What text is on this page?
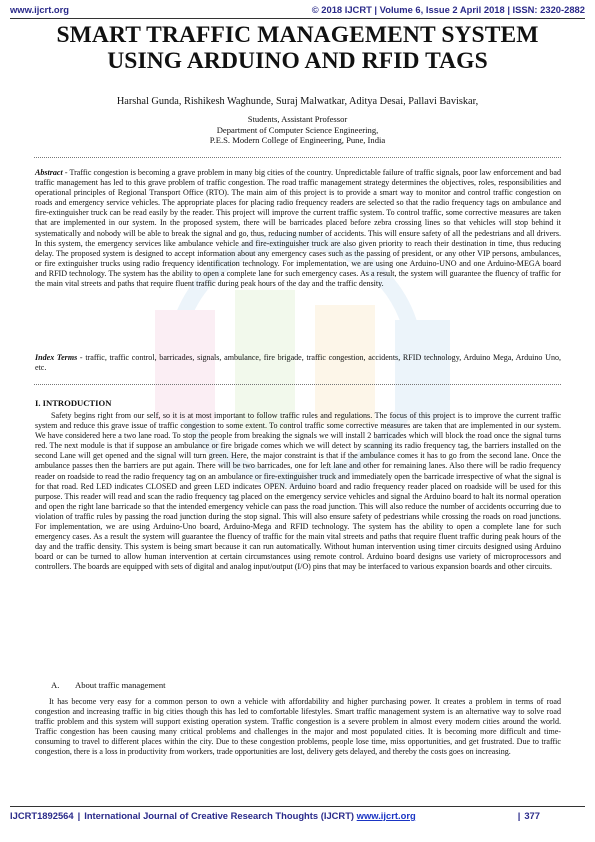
www.ijcrt.org	© 2018 IJCRT | Volume 6, Issue 2 April 2018 | ISSN: 2320-2882
SMART TRAFFIC MANAGEMENT SYSTEM
USING ARDUINO AND RFID TAGS
Harshal Gunda, Rishikesh Waghunde, Suraj Malwatkar, Aditya Desai, Pallavi Baviskar,
Students, Assistant Professor
Department of Computer Science Engineering,
P.E.S. Modern College of Engineering, Pune, India
Abstract - Traffic congestion is becoming a grave problem in many big cities of the country. Unpredictable failure of traffic signals, poor law enforcement and bad traffic management has led to this grave problem of traffic congestion. The road traffic management strategy determines the objectives, roles, responsibilities and operational principles of Regional Transport Office (RTO). The main aim of this project is to provide a smart way to monitor and control traffic congestion on roads and emergency service vehicles. The appropriate places for placing radio frequency readers are selected so that the radio frequency tags on ambulance and fire-extinguisher truck can be read easily by the reader. This project will improve the current traffic system. To control traffic, some corrective measures are taken that are implemented in our system. In the proposed system, there will be barricades placed before zebra crossing lines so that vehicles will stop behind it systematically and nobody will be able to break the signal and go, thus, reducing number of accidents. This will ensure safety of all the pedestrians and all drivers. In this system, the emergency services like ambulance vehicle and fire-extinguisher truck are also given priority to reach their destination in time, thus reducing delay. The proposed system is designed to accept information about any emergency cases such as the passing of president, or any other VIP persons, ambulances, or fire extinguisher trucks using radio frequency identification technology. For implementation, we are using one Arduino-UNO and one Arduino-MEGA board and RFID technology. The system has the ability to open a complete lane for such emergency cases. As a result, the system will guarantee the fluency of traffic for the main vital streets and paths that require fluent traffic during peak hours of the day and the traffic density.
Index Terms - traffic, traffic control, barricades, signals, ambulance, fire brigade, traffic congestion, accidents, RFID technology, Arduino Mega, Arduino Uno, etc.
I. INTRODUCTION
Safety begins right from our self, so it is at most important to follow traffic rules and regulations. The focus of this project is to improve the current traffic system and reduce this grave issue of traffic congestion to some extent. To control traffic some corrective measures are taken that are implemented in our system. We have considered here a two lane road. To stop the people from breaking the signals we will install 2 barricades which will block the road once the signal turns red. The next module is that if suppose an ambulance or fire brigade comes which we will detect by scanning its radio frequency tag, the barriers installed on the second Lane will get opened and the signal will turn green. Here, the major constraint is that if the ambulance comes it has to go from the second lane. Once the ambulance passes then the barriers are put again. There will be two barricades, one for left lane and other for remaining lanes. Also there will be radio frequency reader on roadside to read the radio frequency tag on an ambulance or fire-extinguisher truck and immediately open the barricade irrespective of what the signal is for that road. Red LED indicates CLOSED and green LED indicates OPEN. Arduino board and radio frequency reader placed on roadside will be used for this purpose. This reader will read and scan the radio frequency tag placed on the emergency service vehicles and signal the Arduino board to halt its normal operation and open the right lane barricade so that the intended emergency vehicle can pass the road junction. This will also reduce the number of accidents occurring due to violation of traffic rules by passing the road junction during the stop signal. This will also ensure safety of pedestrians while crossing the roads on road junctions. For implementation, we are using Arduino-Uno board, Arduino-Mega and RFID technology. The system has the ability to open a complete lane for such emergency cases. As a result the system will guarantee the fluency of traffic for the main vital streets and paths that require fluent traffic during peak hours of the day and the traffic density. This system is being smart because it can run automatically. Without human intervention using timer circuits designed using Arduino board or can be turned to allow human intervention at certain circumstances using remote control. Arduino board designs use variety of microprocessors and controllers. The boards are equipped with sets of digital and analog input/output (I/O) pins that may be interfaced to various expansion boards and other circuits.
A. About traffic management
It has become very easy for a common person to own a vehicle with affordability and higher purchasing power. It creates a problem in terms of road congestion and increasing traffic in big cities though this has led to comfortable lifestyles. Smart traffic management system is an alternative way to solve road traffic problem and this system will support existing operation system. Traffic congestion is a severe problem in almost every modern cities around the world. Traffic congestion has been causing many critical problems and challenges in the major and most populated cities. It is becoming more difficult and time-consuming to travel to different places within the city. Due to these congestion problems, people lose time, miss opportunities, and get frustrated. Due to traffic congestion, there is a loss in productivity from workers, trade opportunities are lost, delivery gets delayed, and thereby the costs goes on increasing.
IJCRT1892564 | International Journal of Creative Research Thoughts (IJCRT) www.ijcrt.org	| 377
